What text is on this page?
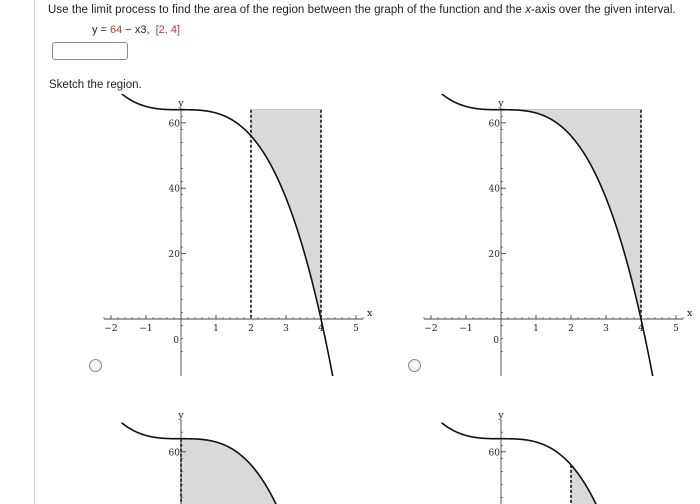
Use the limit process to find the area of the region between the graph of the function and the x-axis over the given interval.
y = 64 − x3,  [2, 4]
Sketch the region.
20
40
60
y
−2 −1
0
1	2	3	4	5
x
20
40
60
y
−2 −1
0
1	2	3	4	5
x
60
y
60
y
